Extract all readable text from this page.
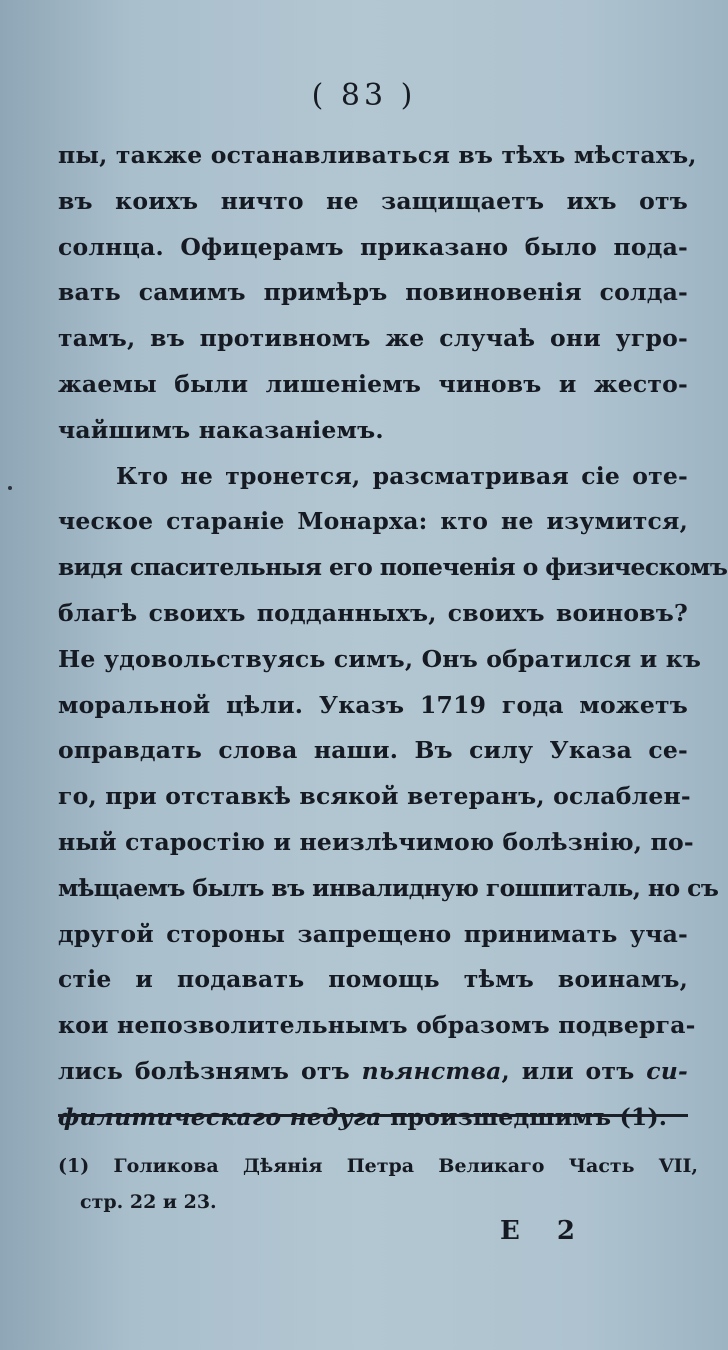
( 83 )
пы, также останавливаться въ тѣхъ мѣстахъ,
въ коихъ ничто не защищаетъ ихъ отъ
солнца. Офицерамъ приказано было пода-
вать самимъ примѣръ повиновенія солда-
тамъ, въ противномъ же случаѣ они угро-
жаемы были лишеніемъ чиновъ и жесто-
чайшимъ наказаніемъ.
Кто не тронется, разсматривая сіе оте-
ческое стараніе Монарха: кто не изумится,
видя спасительныя его попеченія о физическомъ
благѣ своихъ подданныхъ, своихъ воиновъ?
Не удовольствуясь симъ, Онъ обратился и къ
моральной цѣли. Указъ 1719 года можетъ
оправдать слова наши. Въ силу Указа сe-
го, при отставкѣ всякой ветеранъ, ослаблен-
ный старостію и неизлѣчимою болѣзнію, по-
мѣщаемъ былъ въ инвалидную гошпиталь, но съ
другой стороны запрещено принимать уча-
стіе и подавать помощь тѣмъ воинамъ,
кои непозволительнымъ образомъ подверга-
лись болѣзнямъ отъ пьянства, или отъ си-
(1) Голикова Дѣянія Петра Великаго Часть VII,
стр. 22 и 23.
Е 2
